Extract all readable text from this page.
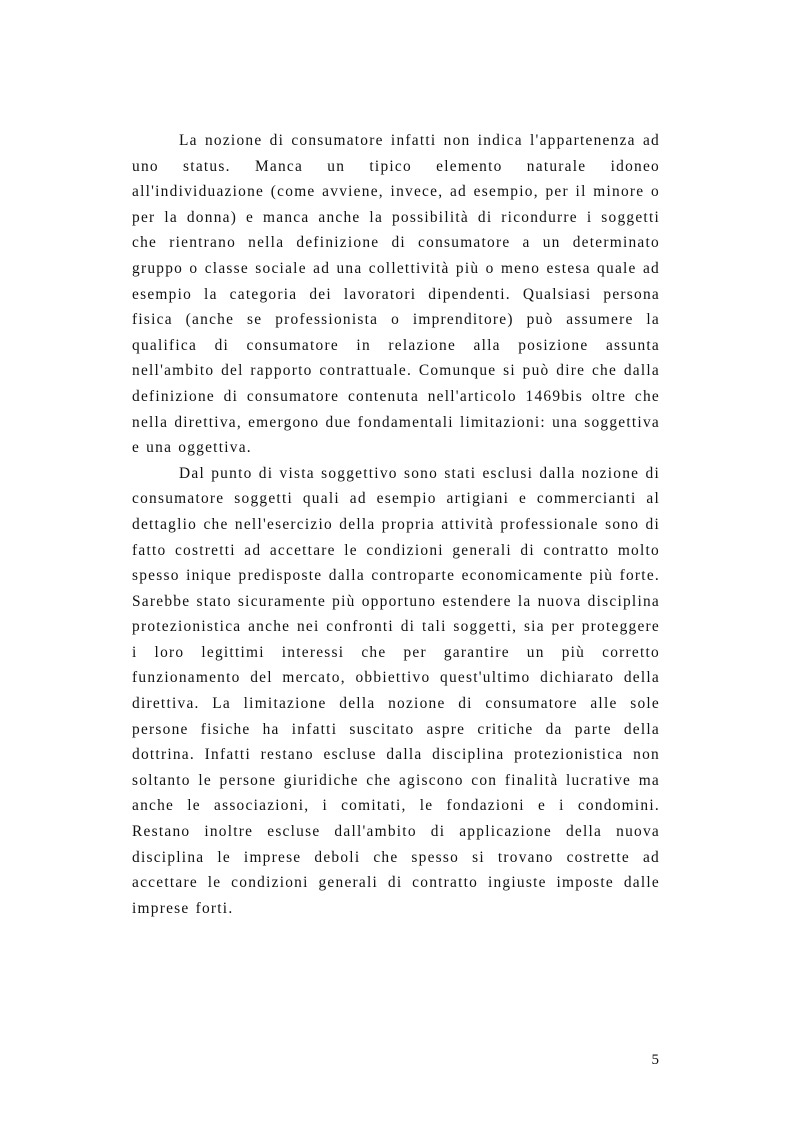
La nozione di consumatore infatti non indica l'appartenenza ad uno status. Manca un tipico elemento naturale idoneo all'individuazione (come avviene, invece, ad esempio, per il minore o per la donna) e manca anche la possibilità di ricondurre i soggetti che rientrano nella definizione di consumatore a un determinato gruppo o classe sociale ad una collettività più o meno estesa quale ad esempio la categoria dei lavoratori dipendenti. Qualsiasi persona fisica (anche se professionista o imprenditore) può assumere la qualifica di consumatore in relazione alla posizione assunta nell'ambito del rapporto contrattuale. Comunque si può dire che dalla definizione di consumatore contenuta nell'articolo 1469bis oltre che nella direttiva, emergono due fondamentali limitazioni: una soggettiva e una oggettiva.

Dal punto di vista soggettivo sono stati esclusi dalla nozione di consumatore soggetti quali ad esempio artigiani e commercianti al dettaglio che nell'esercizio della propria attività professionale sono di fatto costretti ad accettare le condizioni generali di contratto molto spesso inique predisposte dalla controparte economicamente più forte. Sarebbe stato sicuramente più opportuno estendere la nuova disciplina protezionistica anche nei confronti di tali soggetti, sia per proteggere i loro legittimi interessi che per garantire un più corretto funzionamento del mercato, obbiettivo quest'ultimo dichiarato della direttiva. La limitazione della nozione di consumatore alle sole persone fisiche ha infatti suscitato aspre critiche da parte della dottrina. Infatti restano escluse dalla disciplina protezionistica non soltanto le persone giuridiche che agiscono con finalità lucrative ma anche le associazioni, i comitati, le fondazioni e i condomini. Restano inoltre escluse dall'ambito di applicazione della nuova disciplina le imprese deboli che spesso si trovano costrette ad accettare le condizioni generali di contratto ingiuste imposte dalle imprese forti.

5
